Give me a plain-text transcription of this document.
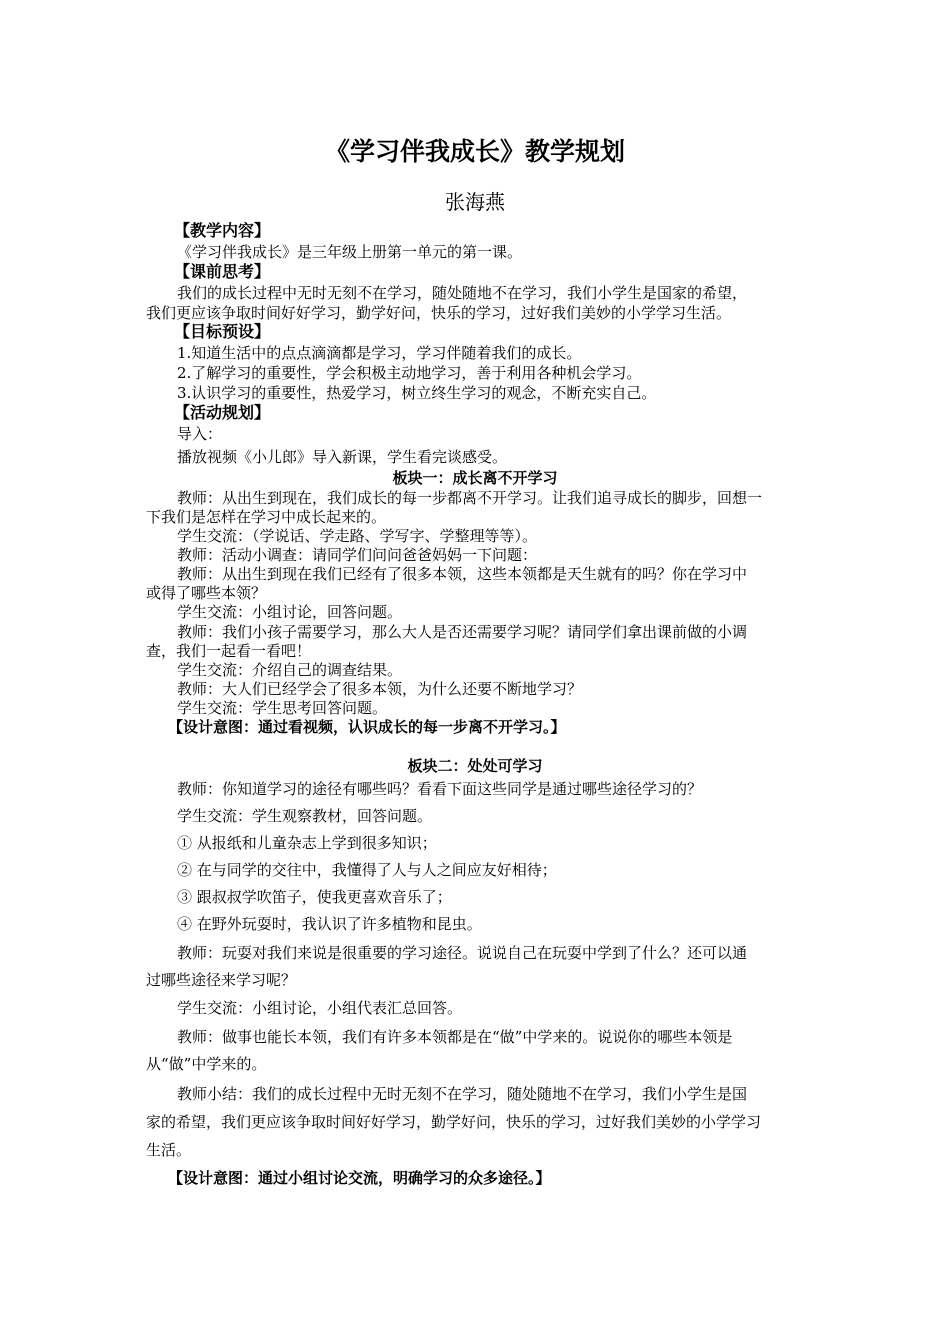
《学习伴我成长》教学规划
张海燕
【教学内容】
《学习伴我成长》是三年级上册第一单元的第一课。
【课前思考】
我们的成长过程中无时无刻不在学习，随处随地不在学习，我们小学生是国家的希望，
我们更应该争取时间好好学习，勤学好问，快乐的学习，过好我们美妙的小学学习生活。
【目标预设】
1.知道生活中的点点滴滴都是学习，学习伴随着我们的成长。
2.了解学习的重要性，学会积极主动地学习，善于利用各种机会学习。
3.认识学习的重要性，热爱学习，树立终生学习的观念，不断充实自己。
【活动规划】
导入：
播放视频《小儿郎》导入新课，学生看完谈感受。
板块一：成长离不开学习
教师：从出生到现在，我们成长的每一步都离不开学习。让我们追寻成长的脚步，回想一
下我们是怎样在学习中成长起来的。
学生交流：（学说话、学走路、学写字、学整理等等）。
教师：活动小调查：请同学们问问爸爸妈妈一下问题：
教师：从出生到现在我们已经有了很多本领，这些本领都是天生就有的吗？你在学习中
或得了哪些本领？
学生交流：小组讨论，回答问题。
教师：我们小孩子需要学习，那么大人是否还需要学习呢？请同学们拿出课前做的小调
查，我们一起看一看吧！
学生交流：介绍自己的调查结果。
教师：大人们已经学会了很多本领，为什么还要不断地学习？
学生交流：学生思考回答问题。
【设计意图：通过看视频，认识成长的每一步离不开学习。】
板块二：处处可学习
教师：你知道学习的途径有哪些吗？看看下面这些同学是通过哪些途径学习的？
学生交流：学生观察教材，回答问题。
① 从报纸和儿童杂志上学到很多知识；
② 在与同学的交往中，我懂得了人与人之间应友好相待；
③ 跟叔叔学吹笛子，使我更喜欢音乐了；
④ 在野外玩耍时，我认识了许多植物和昆虫。
教师：玩耍对我们来说是很重要的学习途径。说说自己在玩耍中学到了什么？还可以通
过哪些途径来学习呢？
学生交流：小组讨论，小组代表汇总回答。
教师：做事也能长本领，我们有许多本领都是在“做”中学来的。说说你的哪些本领是
从“做”中学来的。
教师小结：我们的成长过程中无时无刻不在学习，随处随地不在学习，我们小学生是国
家的希望，我们更应该争取时间好好学习，勤学好问，快乐的学习，过好我们美妙的小学学习
生活。
【设计意图：通过小组讨论交流，明确学习的众多途径。】
